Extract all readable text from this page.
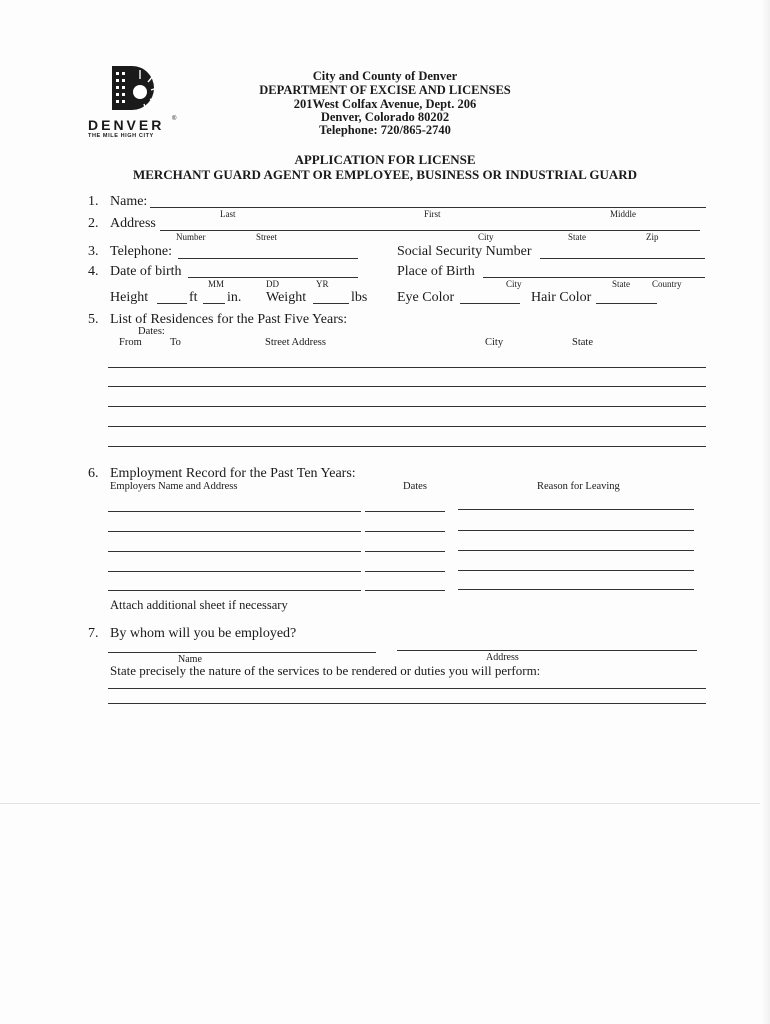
DENVER ®
THE MILE HIGH CITY
City and County of Denver
DEPARTMENT OF EXCISE AND LICENSES
201West Colfax Avenue, Dept. 206
Denver, Colorado 80202
Telephone: 720/865-2740
APPLICATION FOR LICENSE
MERCHANT GUARD AGENT OR EMPLOYEE, BUSINESS OR INDUSTRIAL GUARD
1. Name:
Last	First	Middle
2. Address
Number	Street	City	State	Zip
3. Telephone:	Social Security Number
4. Date of birth
MM	DD	YR
Place of Birth
City	State Country
Height	ft in. Weight	lbs Eye Color	Hair Color
5. List of Residences for the Past Five Years:
Dates:
From	To	Street Address	City	State
6. Employment Record for the Past Ten Years:
Employers Name and Address	Dates	Reason for Leaving
Attach additional sheet if necessary
7. By whom will you be employed?
Name	Address
State precisely the nature of the services to be rendered or duties you will perform:
